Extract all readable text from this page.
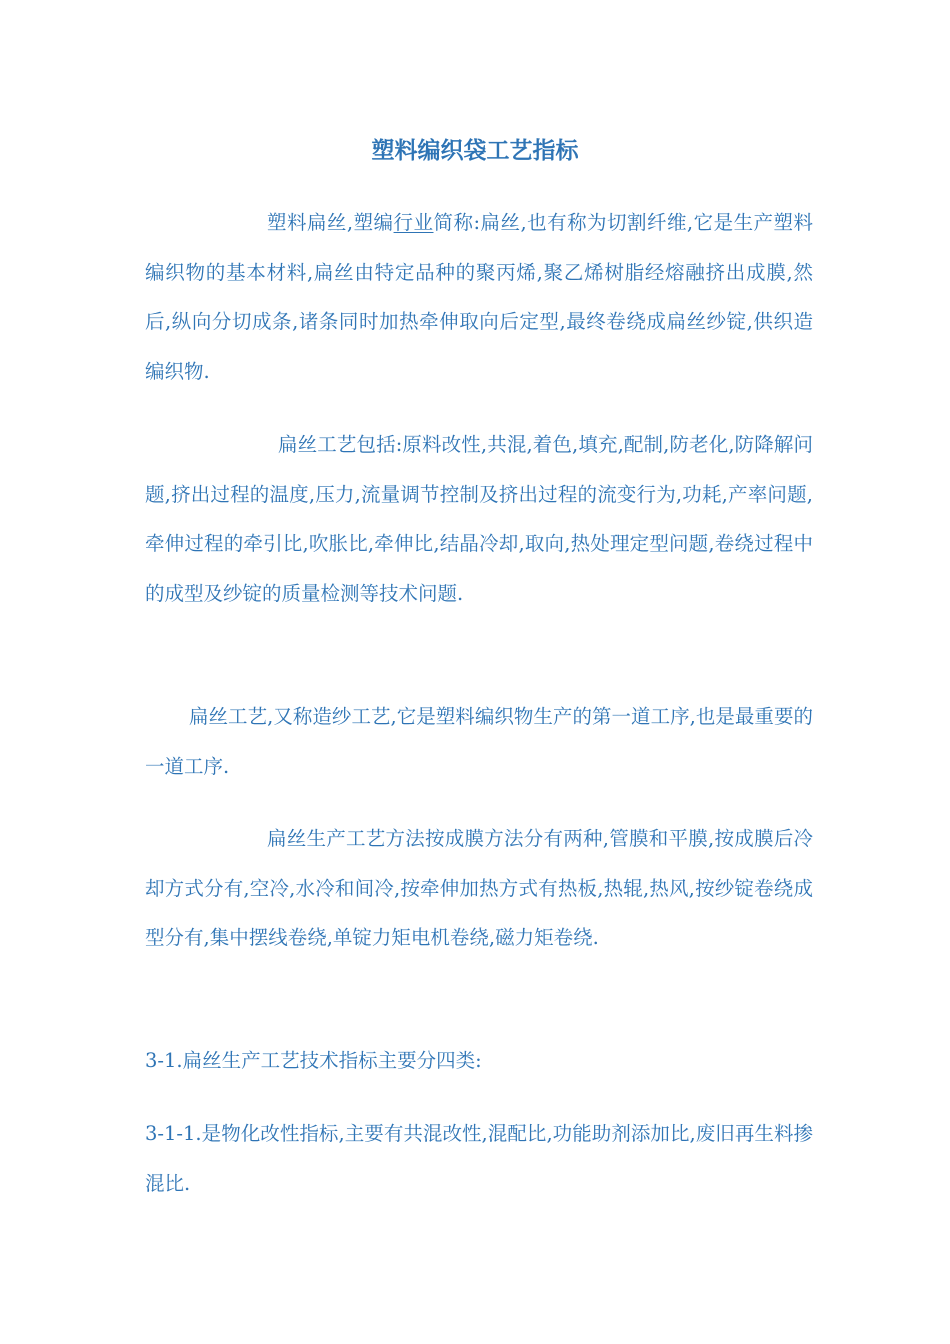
塑料编织袋工艺指标

塑料扁丝,塑编行业简称:扁丝,也有称为切割纤维,它是生产塑料编织物的基本材料,扁丝由特定品种的聚丙烯,聚乙烯树脂经熔融挤出成膜,然后,纵向分切成条,诸条同时加热牵伸取向后定型,最终卷绕成扁丝纱锭,供织造编织物.

扁丝工艺包括:原料改性,共混,着色,填充,配制,防老化,防降解问题,挤出过程的温度,压力,流量调节控制及挤出过程的流变行为,功耗,产率问题,牵伸过程的牵引比,吹胀比,牵伸比,结晶冷却,取向,热处理定型问题,卷绕过程中的成型及纱锭的质量检测等技术问题.

扁丝工艺,又称造纱工艺,它是塑料编织物生产的第一道工序,也是最重要的一道工序.

扁丝生产工艺方法按成膜方法分有两种,管膜和平膜,按成膜后冷却方式分有,空冷,水冷和间冷,按牵伸加热方式有热板,热辊,热风,按纱锭卷绕成型分有,集中摆线卷绕,单锭力矩电机卷绕,磁力矩卷绕.

3-1.扁丝生产工艺技术指标主要分四类:

3-1-1.是物化改性指标,主要有共混改性,混配比,功能助剂添加比,废旧再生料掺混比.
